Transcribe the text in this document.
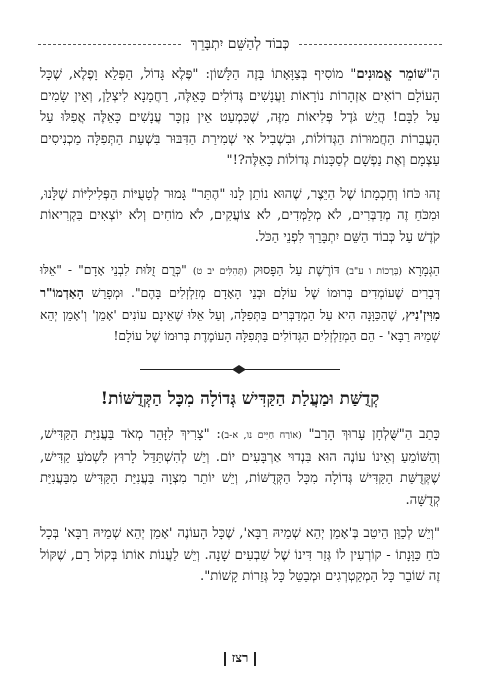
כְּבוֹד לְהַשֵּׁם יִתְבָּרֵךְ

הַ"שּׁוֹמֵר אֱמוּנִים" מוֹסִיף בְּצַוָּאָתוֹ בָּזֶה הַלָּשׁוֹן: "פֶּלֶא גָּדוֹל, הַפְּלֵא וָפֶלֶא, שֶׁכָּל הָעוֹלָם רוֹאִים אַזְהָרוֹת נוֹרָאוֹת וַעֲנָשִׁים גְּדוֹלִים כָּאֵלֶּה, רַחֲמָנָא לִיצְלַן, וְאֵין שָׂמִים עַל לִבָּם! הֲיֵשׁ גֹּדֶל פְּלִיאוֹת מִזֶּה, שֶׁכִּמְעַט אֵין נִזְכָּר עֲנָשִׁים כָּאֵלֶּה אֲפִלּוּ עַל הָעֲבֵרוֹת הַחֲמוּרוֹת הַגְּדוֹלוֹת, וּבִשְׁבִיל אִי שְׁמִירַת הַדִּבּוּר בִּשְׁעַת הַתְּפִלָּה מַכְנִיסִים עַצְמָם וְאֶת נַפְשָׁם לְסַכָּנוֹת גְּדוֹלוֹת כָּאֵלֶּה?!"

זֶהוּ כֹּחוֹ וְחָכְמָתוֹ שֶׁל הַיֵּצֶר, שֶׁהוּא נוֹתֵן לָנוּ "הֶתֵּר" גָּמוּר לְטָעֻיּוֹת הַפְּלִילִיּוֹת שֶׁלָּנוּ, וּמִכֹּחַ זֶה מְדַבְּרִים, לֹא מְלַמְּדִים, לֹא צוֹעֲקִים, לֹא מוֹחִים וְלֹא יוֹצְאִים בִּקְרִיאוֹת קֹדֶשׁ עַל כְּבוֹד הַשֵּׁם יִתְבָּרֵךְ לִפְנֵי הַכֹּל.

הַגְּמָרָא (בְּרָכוֹת ו ע"ב) דּוֹרֶשֶׁת עַל הַפָּסוּק (תְּהִלִּים יב ט) "כְּרֻם זֻלּוּת לִבְנֵי אָדָם" - "אֵלּוּ דְּבָרִים שֶׁעוֹמְדִים בְּרוּמוֹ שֶׁל עוֹלָם וּבְנֵי הָאָדָם מְזַלְזְלִים בָּהֶם". וּמְפָרֵשׁ הָאַדְמוֹ"ר מִוִּיזְ'נִיץ, שֶׁהַכַּוָּנָה הִיא עַל הַמְדַבְּרִים בַּתְּפִלָּה, וְעַל אֵלּוּ שֶׁאֵינָם עוֹנִים 'אָמֵן' וְ'אָמֵן יְהֵא שְׁמֵיהּ רַבָּא' - הֵם הַמְזַלְזְלִים הַגְּדוֹלִים בַּתְּפִלָּה הָעוֹמֶדֶת בְּרוּמוֹ שֶׁל עוֹלָם!

קְדֻשַּׁת וּמַעֲלַת הַקַּדִּישׁ גְּדוֹלָה מִכָּל הַקְּדֻשּׁוֹת!

כָּתַב הַ"שֻּׁלְחָן עָרוּךְ הָרַב" (אוֹרַח חַיִּים נו, א-ב): "צָרִיךְ לִזָּהֵר מְאֹד בַּעֲנִיַּת הַקַּדִּישׁ, וְהַשּׁוֹמֵעַ וְאֵינוֹ עוֹנֶה הוּא בִּנְדוּי אַרְבָּעִים יוֹם. וְיֵשׁ לְהִשְׁתַּדֵּל לָרוּץ לִשְׁמֹעַ קַדִּישׁ, שֶׁקְּדֻשַּׁת הַקַּדִּישׁ גְּדוֹלָה מִכָּל הַקְּדֻשּׁוֹת, וְיֵשׁ יוֹתֵר מִצְוָה בַּעֲנִיַּת הַקַּדִּישׁ מִבַּעֲנִיַּת קְדֻשָּׁה.

"וְיֵשׁ לְכַוֵּן הֵיטֵב בְּ'אָמֵן יְהֵא שְׁמֵיהּ רַבָּא', שֶׁכָּל הָעוֹנֶה 'אָמֵן יְהֵא שְׁמֵיהּ רַבָּא' בְּכָל כֹּחַ כַּוָּנָתוֹ - קוֹרְעִין לוֹ גְּזַר דִּינוֹ שֶׁל שִׁבְעִים שָׁנָה. וְיֵשׁ לַעֲנוֹת אוֹתוֹ בְּקוֹל רָם, שֶׁקּוֹל זֶה שׁוֹבֵר כָּל הַמְקַטְרְגִים וּמְבַטֵּל כָּל גְּזֵרוֹת קָשׁוֹת".

רצז
